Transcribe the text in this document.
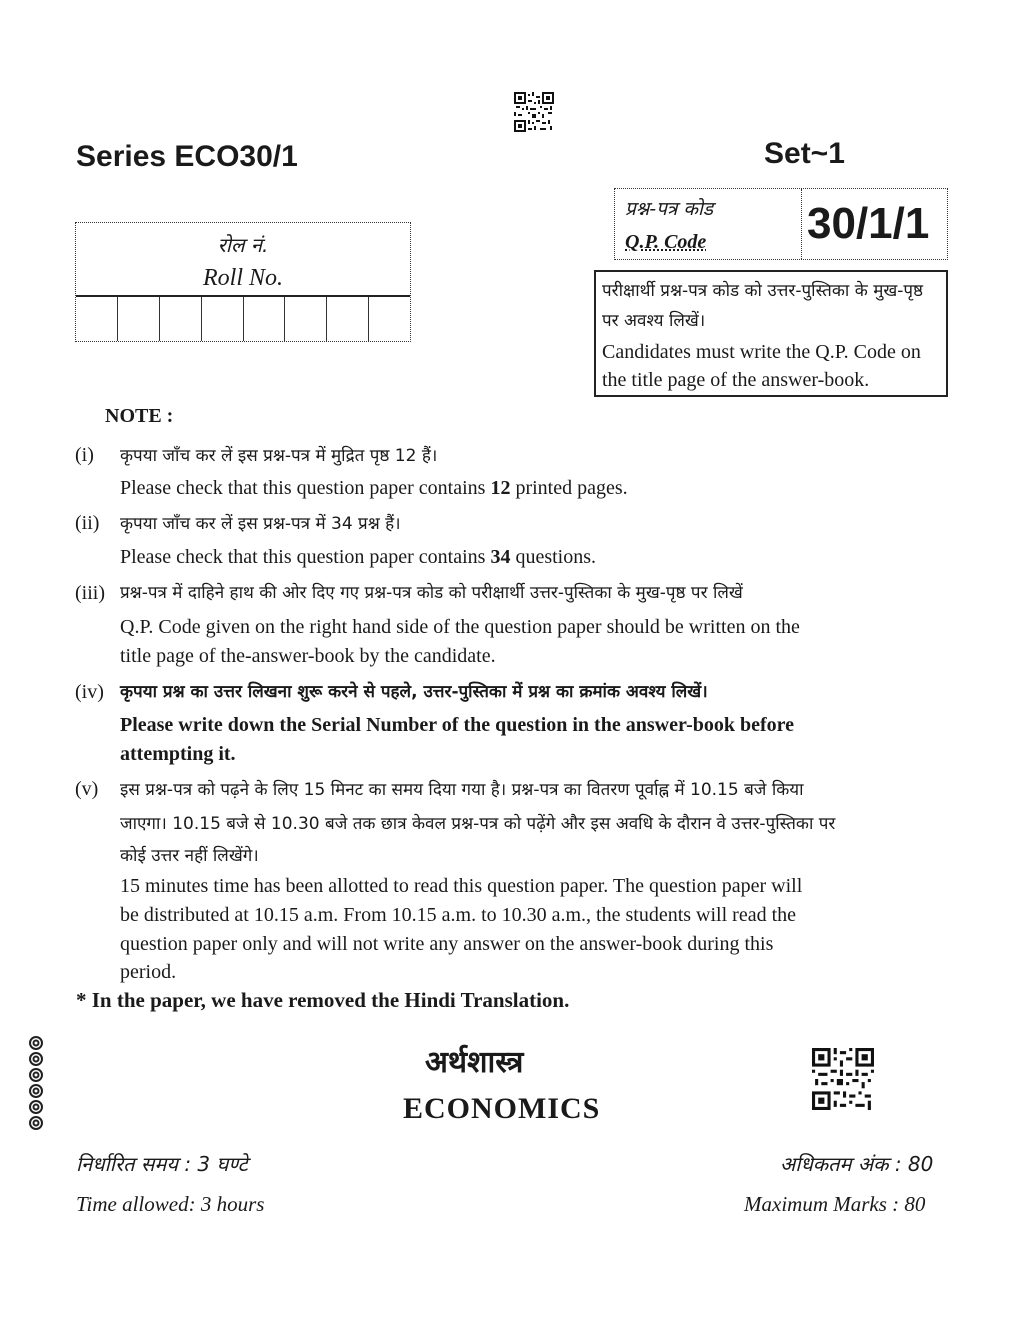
Series ECO30/1	Set~1
रोल नं.
Roll No.
प्रश्न-पत्र कोड
Q.P. Code 30/1/1
परीक्षार्थी प्रश्न-पत्र कोड को उत्तर-पुस्तिका के मुख-पृष्ठ पर अवश्य लिखें।
Candidates must write the Q.P. Code on the title page of the answer-book.
NOTE :
(i) कृपया जाँच कर लें इस प्रश्न-पत्र में मुद्रित पृष्ठ 12 हैं।
Please check that this question paper contains 12 printed pages.
(ii) कृपया जाँच कर लें इस प्रश्न-पत्र में 34 प्रश्न हैं।
Please check that this question paper contains 34 questions.
(iii) प्रश्न-पत्र में दाहिने हाथ की ओर दिए गए प्रश्न-पत्र कोड को परीक्षार्थी उत्तर-पुस्तिका के मुख-पृष्ठ पर लिखें
Q.P. Code given on the right hand side of the question paper should be written on the
title page of the-answer-book by the candidate.
(iv) कृपया प्रश्न का उत्तर लिखना शुरू करने से पहले, उत्तर-पुस्तिका में प्रश्न का क्रमांक अवश्य लिखें।
Please write down the Serial Number of the question in the answer-book before
attempting it.
(v) इस प्रश्न-पत्र को पढ़ने के लिए 15 मिनट का समय दिया गया है। प्रश्न-पत्र का वितरण पूर्वाह्न में 10.15 बजे किया
जाएगा। 10.15 बजे से 10.30 बजे तक छात्र केवल प्रश्न-पत्र को पढ़ेंगे और इस अवधि के दौरान वे उत्तर-पुस्तिका पर
कोई उत्तर नहीं लिखेंगे।
15 minutes time has been allotted to read this question paper. The question paper will
be distributed at 10.15 a.m. From 10.15 a.m. to 10.30 a.m., the students will read the
question paper only and will not write any answer on the answer-book during this
period.
* In the paper, we have removed the Hindi Translation.
अर्थशास्त्र
ECONOMICS
निर्धारित समय : 3 घण्टे
Time allowed: 3 hours
अधिकतम अंक : 80
Maximum Marks : 80
